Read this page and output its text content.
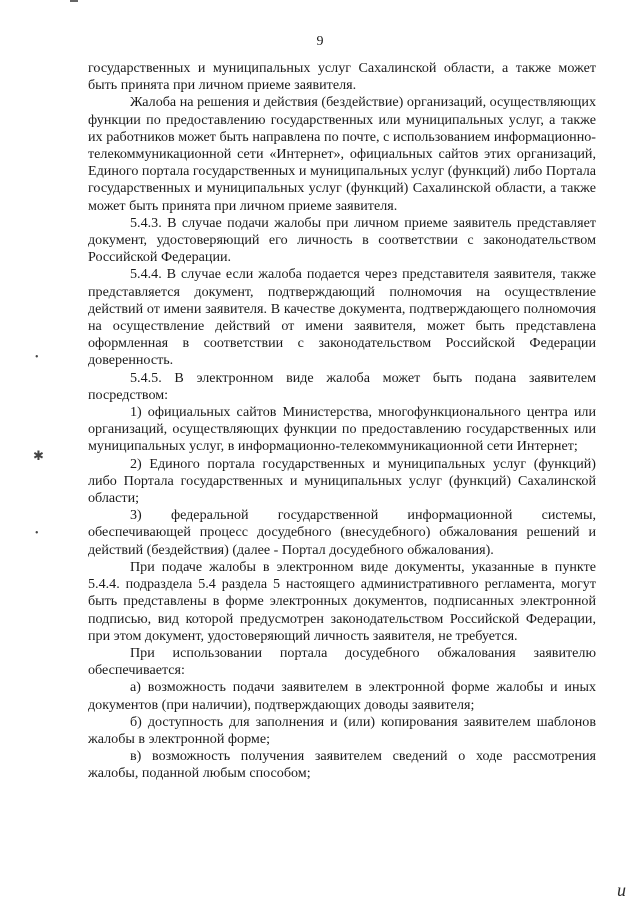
9

государственных и муниципальных услуг Сахалинской области, а также может быть принята при личном приеме заявителя.

Жалоба на решения и действия (бездействие) организаций, осуществляющих функции по предоставлению государственных или муниципальных услуг, а также их работников может быть направлена по почте, с использованием информационно-телекоммуникационной сети «Интернет», официальных сайтов этих организаций, Единого портала государственных и муниципальных услуг (функций) либо Портала государственных и муниципальных услуг (функций) Сахалинской области, а также может быть принята при личном приеме заявителя.

5.4.3. В случае подачи жалобы при личном приеме заявитель представляет документ, удостоверяющий его личность в соответствии с законодательством Российской Федерации.

5.4.4. В случае если жалоба подается через представителя заявителя, также представляется документ, подтверждающий полномочия на осуществление действий от имени заявителя. В качестве документа, подтверждающего полномочия на осуществление действий от имени заявителя, может быть представлена оформленная в соответствии с законодательством Российской Федерации доверенность.

5.4.5. В электронном виде жалоба может быть подана заявителем посредством:

1) официальных сайтов Министерства, многофункционального центра или организаций, осуществляющих функции по предоставлению государственных или муниципальных услуг, в информационно-телекоммуникационной сети Интернет;

2) Единого портала государственных и муниципальных услуг (функций) либо Портала государственных и муниципальных услуг (функций) Сахалинской области;

3) федеральной государственной информационной системы, обеспечивающей процесс досудебного (внесудебного) обжалования решений и действий (бездействия) (далее - Портал досудебного обжалования).

При подаче жалобы в электронном виде документы, указанные в пункте 5.4.4. подраздела 5.4 раздела 5 настоящего административного регламента, могут быть представлены в форме электронных документов, подписанных электронной подписью, вид которой предусмотрен законодательством Российской Федерации, при этом документ, удостоверяющий личность заявителя, не требуется.

При использовании портала досудебного обжалования заявителю обеспечивается:

а) возможность подачи заявителем в электронной форме жалобы и иных документов (при наличии), подтверждающих доводы заявителя;

б) доступность для заполнения и (или) копирования заявителем шаблонов жалобы в электронной форме;

в) возможность получения заявителем сведений о ходе рассмотрения жалобы, поданной любым способом;

•
✱
•
и
